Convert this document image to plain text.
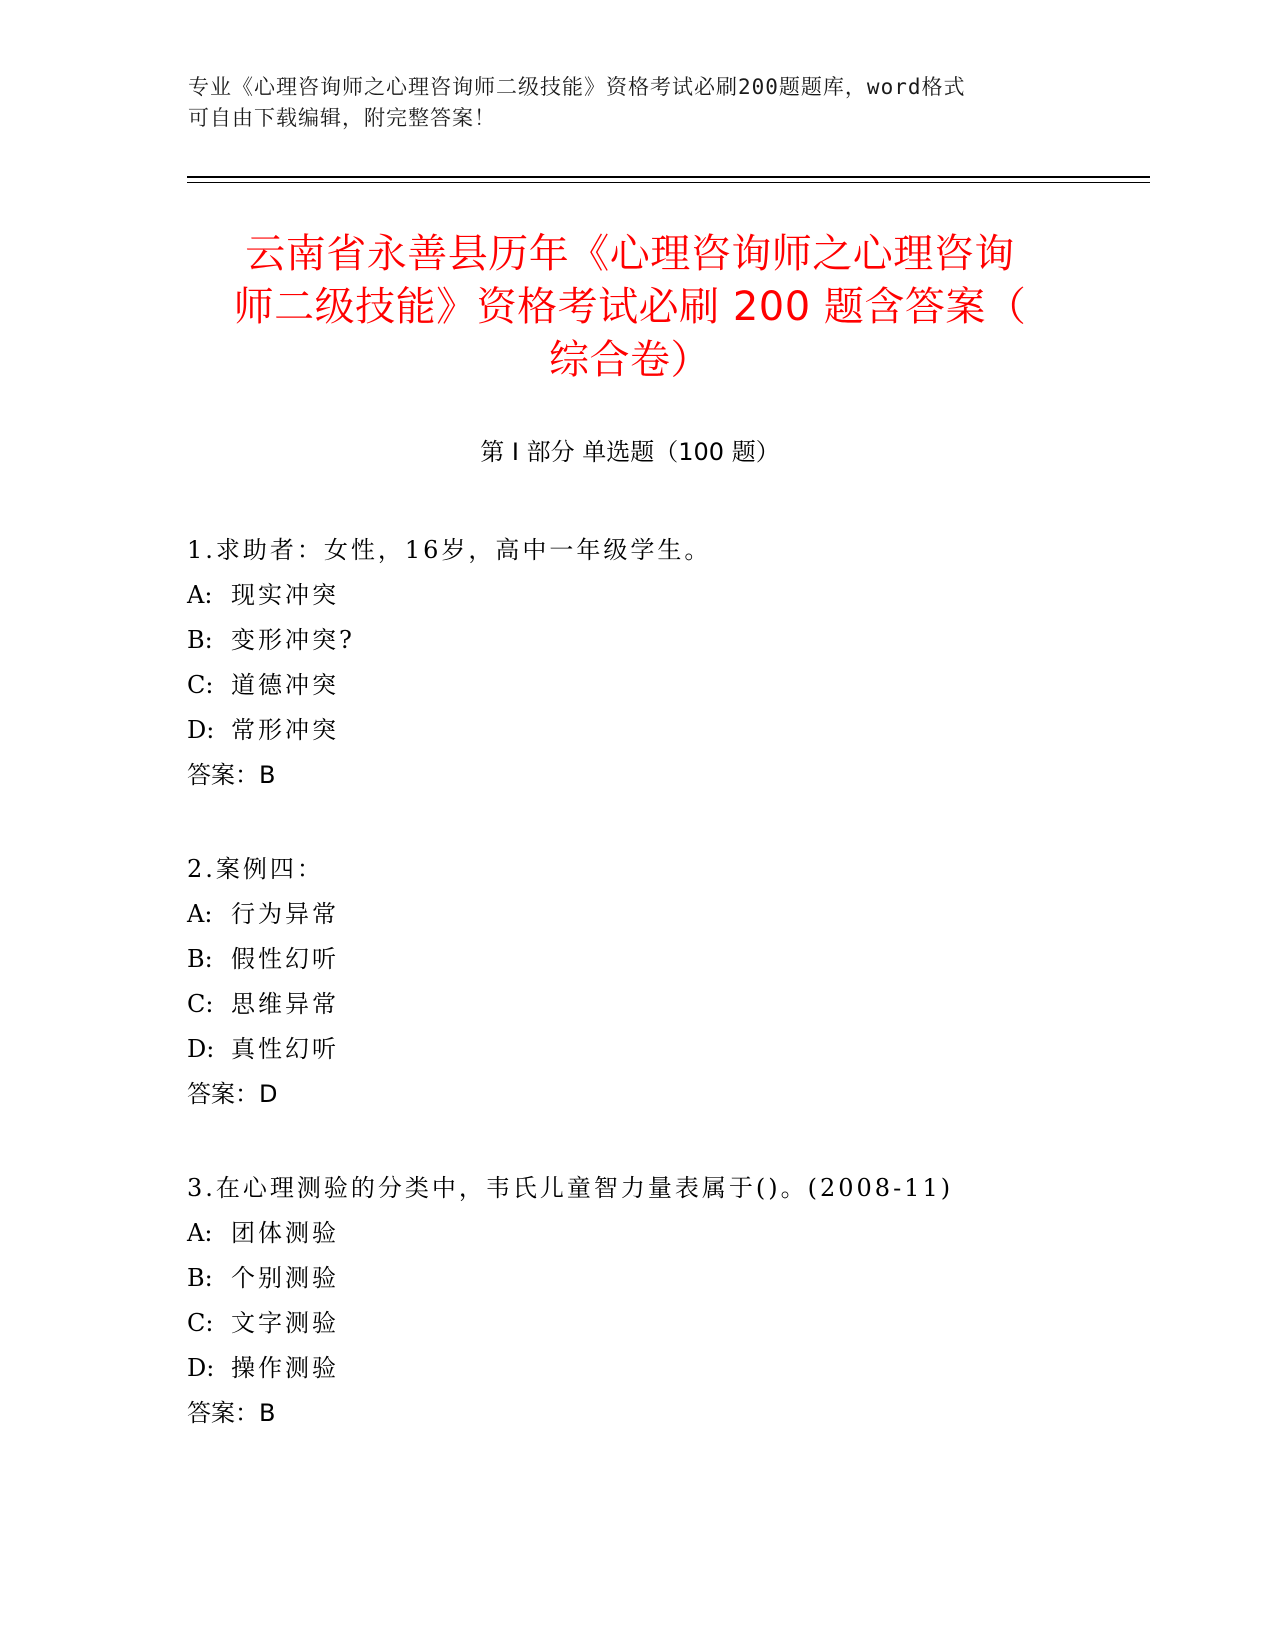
专业《心理咨询师之心理咨询师二级技能》资格考试必刷200题题库，word格式
可自由下载编辑，附完整答案！
云南省永善县历年《心理咨询师之心理咨询
师二级技能》资格考试必刷 200 题含答案（
综合卷）
第 I 部分 单选题（100 题）
1.求助者：女性，16岁，高中一年级学生。
A: 现实冲突
B: 变形冲突?
C: 道德冲突
D: 常形冲突
答案：B
2.案例四：
A: 行为异常
B: 假性幻听
C: 思维异常
D: 真性幻听
答案：D
3.在心理测验的分类中，韦氏儿童智力量表属于()。(2008-11)
A: 团体测验
B: 个别测验
C: 文字测验
D: 操作测验
答案：B
